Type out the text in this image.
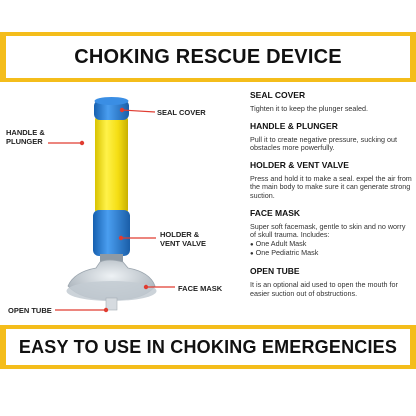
CHOKING RESCUE DEVICE
SEAL COVER
HANDLE &
PLUNGER
HOLDER &
VENT VALVE
FACE MASK
OPEN TUBE
SEAL COVER
Tighten it to keep the plunger sealed.
HANDLE & PLUNGER
Pull it to create negative pressure, sucking out obstacles more powerfully.
HOLDER & VENT VALVE
Press and hold it to make a seal. expel the air from the main body to make sure it can generate strong suction.
FACE MASK
Super soft facemask, gentle to skin and no worry of skull trauma. Includes:
● One Adult Mask
● One Pediatric Mask
OPEN TUBE
It is an optional aid used to open the mouth for easier suction out of obstructions.
EASY TO USE IN CHOKING EMERGENCIES
